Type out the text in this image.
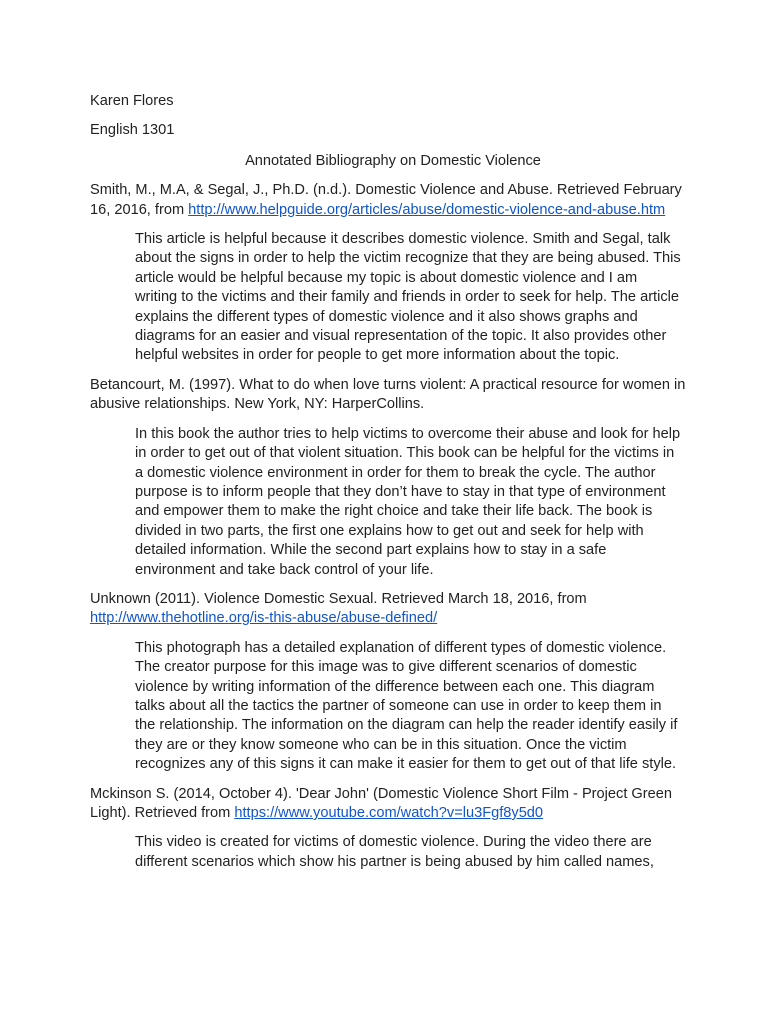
Karen Flores

English 1301

Annotated Bibliography on Domestic Violence

Smith, M., M.A, & Segal, J., Ph.D. (n.d.). Domestic Violence and Abuse. Retrieved February 16, 2016, from http://www.helpguide.org/articles/abuse/domestic-violence-and-abuse.htm

This article is helpful because it describes domestic violence. Smith and Segal, talk about the signs in order to help the victim recognize that they are being abused. This article would be helpful because my topic is about domestic violence and I am writing to the victims and their family and friends in order to seek for help. The article explains the different types of domestic violence and it also shows graphs and diagrams for an easier and visual representation of the topic. It also provides other helpful websites in order for people to get more information about the topic.

Betancourt, M. (1997). What to do when love turns violent: A practical resource for women in abusive relationships. New York, NY: HarperCollins.

In this book the author tries to help victims to overcome their abuse and look for help in order to get out of that violent situation. This book can be helpful for the victims in a domestic violence environment in order for them to break the cycle. The author purpose is to inform people that they don’t have to stay in that type of environment and empower them to make the right choice and take their life back. The book is divided in two parts, the first one explains how to get out and seek for help with detailed information. While the second part explains how to stay in a safe environment and take back control of your life.

Unknown (2011). Violence Domestic Sexual. Retrieved March 18, 2016, from http://www.thehotline.org/is-this-abuse/abuse-defined/

This photograph has a detailed explanation of different types of domestic violence. The creator purpose for this image was to give different scenarios of domestic violence by writing information of the difference between each one. This diagram talks about all the tactics the partner of someone can use in order to keep them in the relationship. The information on the diagram can help the reader identify easily if they are or they know someone who can be in this situation. Once the victim recognizes any of this signs it can make it easier for them to get out of that life style.

Mckinson S. (2014, October 4). 'Dear John' (Domestic Violence Short Film - Project Green Light). Retrieved from https://www.youtube.com/watch?v=lu3Fgf8y5d0

This video is created for victims of domestic violence. During the video there are different scenarios which show his partner is being abused by him called names,
